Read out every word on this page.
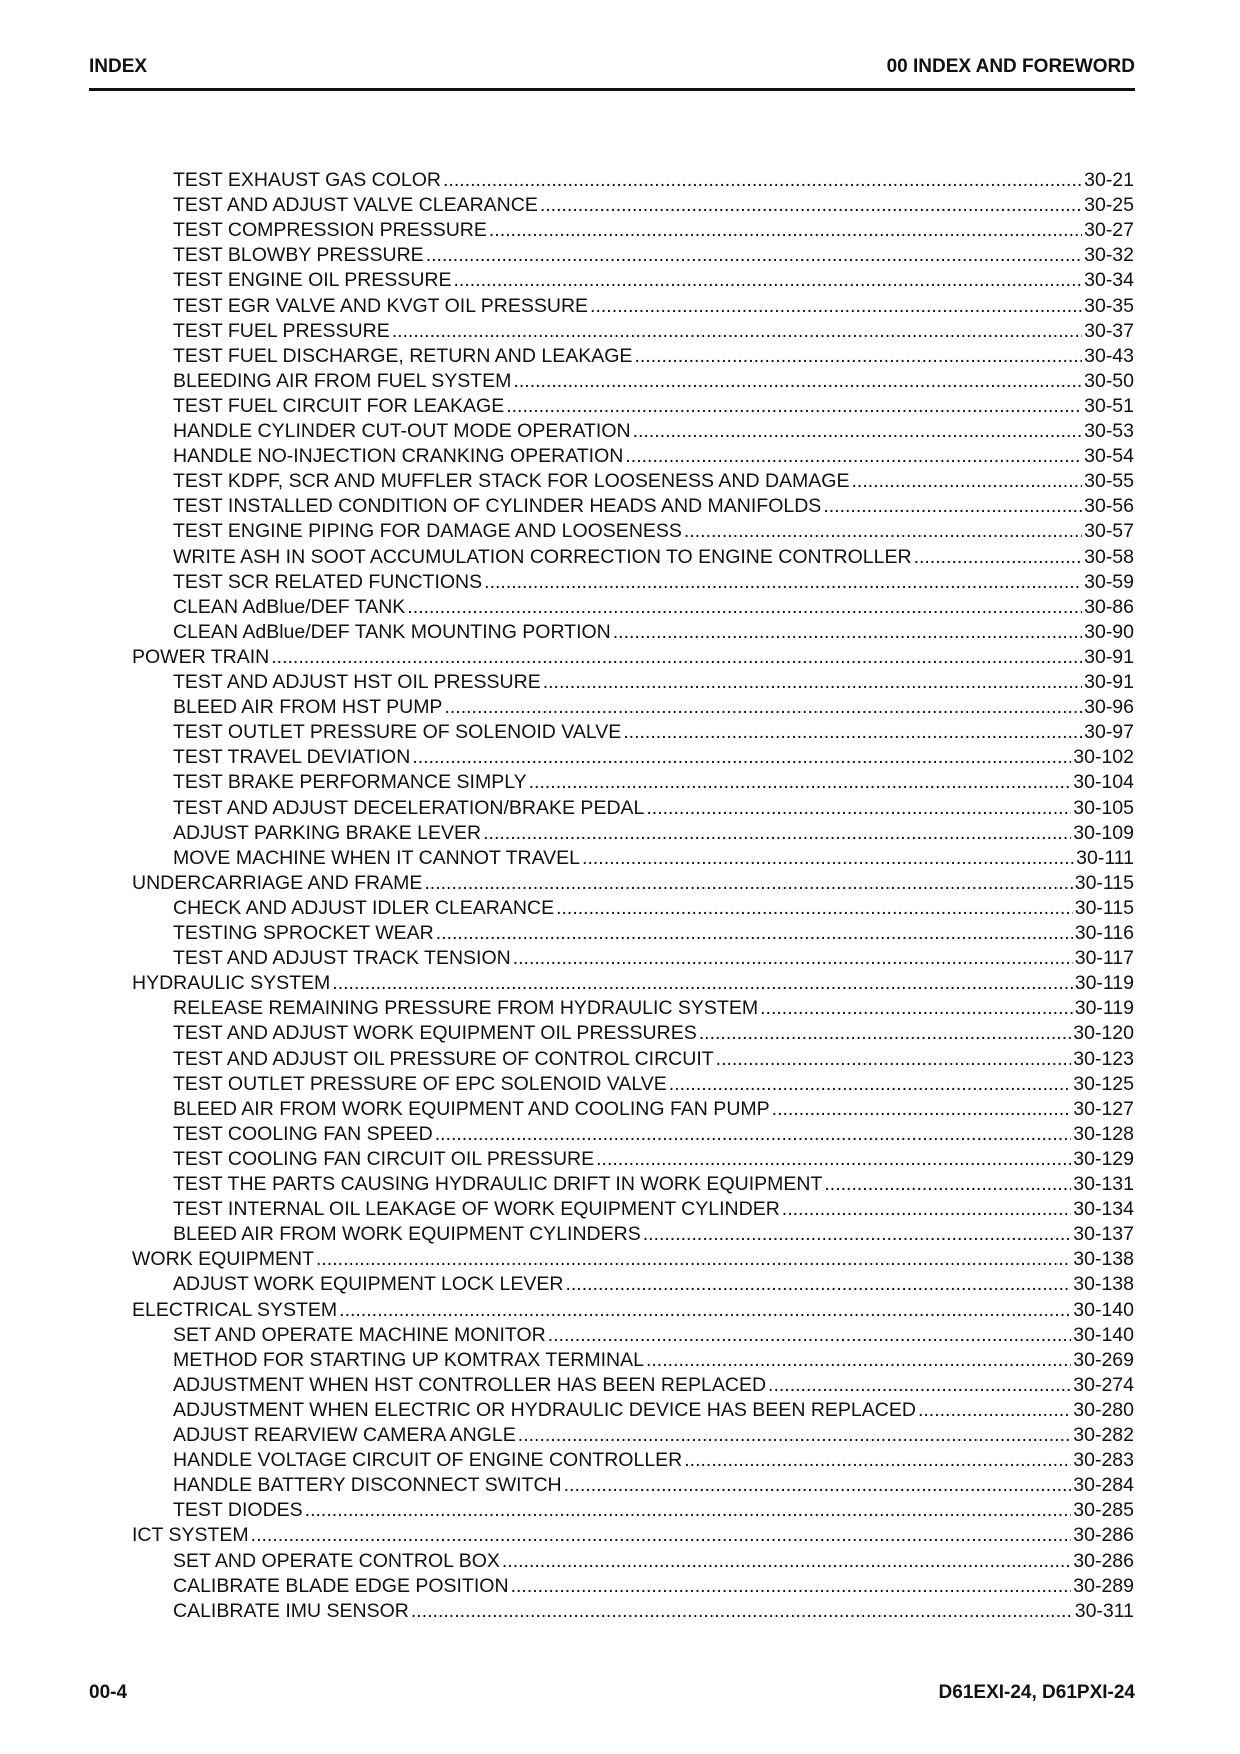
INDEX	00 INDEX AND FOREWORD
TEST EXHAUST GAS COLOR .....	30-21
TEST AND ADJUST VALVE CLEARANCE .....	30-25
TEST COMPRESSION PRESSURE .....	30-27
TEST BLOWBY PRESSURE .....	30-32
TEST ENGINE OIL PRESSURE .....	30-34
TEST EGR VALVE AND KVGT OIL PRESSURE .....	30-35
TEST FUEL PRESSURE .....	30-37
TEST FUEL DISCHARGE, RETURN AND LEAKAGE .....	30-43
BLEEDING AIR FROM FUEL SYSTEM .....	30-50
TEST FUEL CIRCUIT FOR LEAKAGE .....	30-51
HANDLE CYLINDER CUT-OUT MODE OPERATION .....	30-53
HANDLE NO-INJECTION CRANKING OPERATION .....	30-54
TEST KDPF, SCR AND MUFFLER STACK FOR LOOSENESS AND DAMAGE .....	30-55
TEST INSTALLED CONDITION OF CYLINDER HEADS AND MANIFOLDS .....	30-56
TEST ENGINE PIPING FOR DAMAGE AND LOOSENESS .....	30-57
WRITE ASH IN SOOT ACCUMULATION CORRECTION TO ENGINE CONTROLLER .....	30-58
TEST SCR RELATED FUNCTIONS .....	30-59
CLEAN AdBlue/DEF TANK .....	30-86
CLEAN AdBlue/DEF TANK MOUNTING PORTION .....	30-90
POWER TRAIN .....	30-91
TEST AND ADJUST HST OIL PRESSURE .....	30-91
BLEED AIR FROM HST PUMP .....	30-96
TEST OUTLET PRESSURE OF SOLENOID VALVE .....	30-97
TEST TRAVEL DEVIATION .....	30-102
TEST BRAKE PERFORMANCE SIMPLY .....	30-104
TEST AND ADJUST DECELERATION/BRAKE PEDAL .....	30-105
ADJUST PARKING BRAKE LEVER .....	30-109
MOVE MACHINE WHEN IT CANNOT TRAVEL .....	30-111
UNDERCARRIAGE AND FRAME .....	30-115
CHECK AND ADJUST IDLER CLEARANCE .....	30-115
TESTING SPROCKET WEAR .....	30-116
TEST AND ADJUST TRACK TENSION .....	30-117
HYDRAULIC SYSTEM .....	30-119
RELEASE REMAINING PRESSURE FROM HYDRAULIC SYSTEM .....	30-119
TEST AND ADJUST WORK EQUIPMENT OIL PRESSURES .....	30-120
TEST AND ADJUST OIL PRESSURE OF CONTROL CIRCUIT .....	30-123
TEST OUTLET PRESSURE OF EPC SOLENOID VALVE .....	30-125
BLEED AIR FROM WORK EQUIPMENT AND COOLING FAN PUMP .....	30-127
TEST COOLING FAN SPEED .....	30-128
TEST COOLING FAN CIRCUIT OIL PRESSURE .....	30-129
TEST THE PARTS CAUSING HYDRAULIC DRIFT IN WORK EQUIPMENT .....	30-131
TEST INTERNAL OIL LEAKAGE OF WORK EQUIPMENT CYLINDER .....	30-134
BLEED AIR FROM WORK EQUIPMENT CYLINDERS .....	30-137
WORK EQUIPMENT .....	30-138
ADJUST WORK EQUIPMENT LOCK LEVER .....	30-138
ELECTRICAL SYSTEM .....	30-140
SET AND OPERATE MACHINE MONITOR .....	30-140
METHOD FOR STARTING UP KOMTRAX TERMINAL .....	30-269
ADJUSTMENT WHEN HST CONTROLLER HAS BEEN REPLACED .....	30-274
ADJUSTMENT WHEN ELECTRIC OR HYDRAULIC DEVICE HAS BEEN REPLACED .....	30-280
ADJUST REARVIEW CAMERA ANGLE .....	30-282
HANDLE VOLTAGE CIRCUIT OF ENGINE CONTROLLER .....	30-283
HANDLE BATTERY DISCONNECT SWITCH .....	30-284
TEST DIODES .....	30-285
ICT SYSTEM .....	30-286
SET AND OPERATE CONTROL BOX .....	30-286
CALIBRATE BLADE EDGE POSITION .....	30-289
CALIBRATE IMU SENSOR .....	30-311
00-4	D61EXI-24, D61PXI-24
